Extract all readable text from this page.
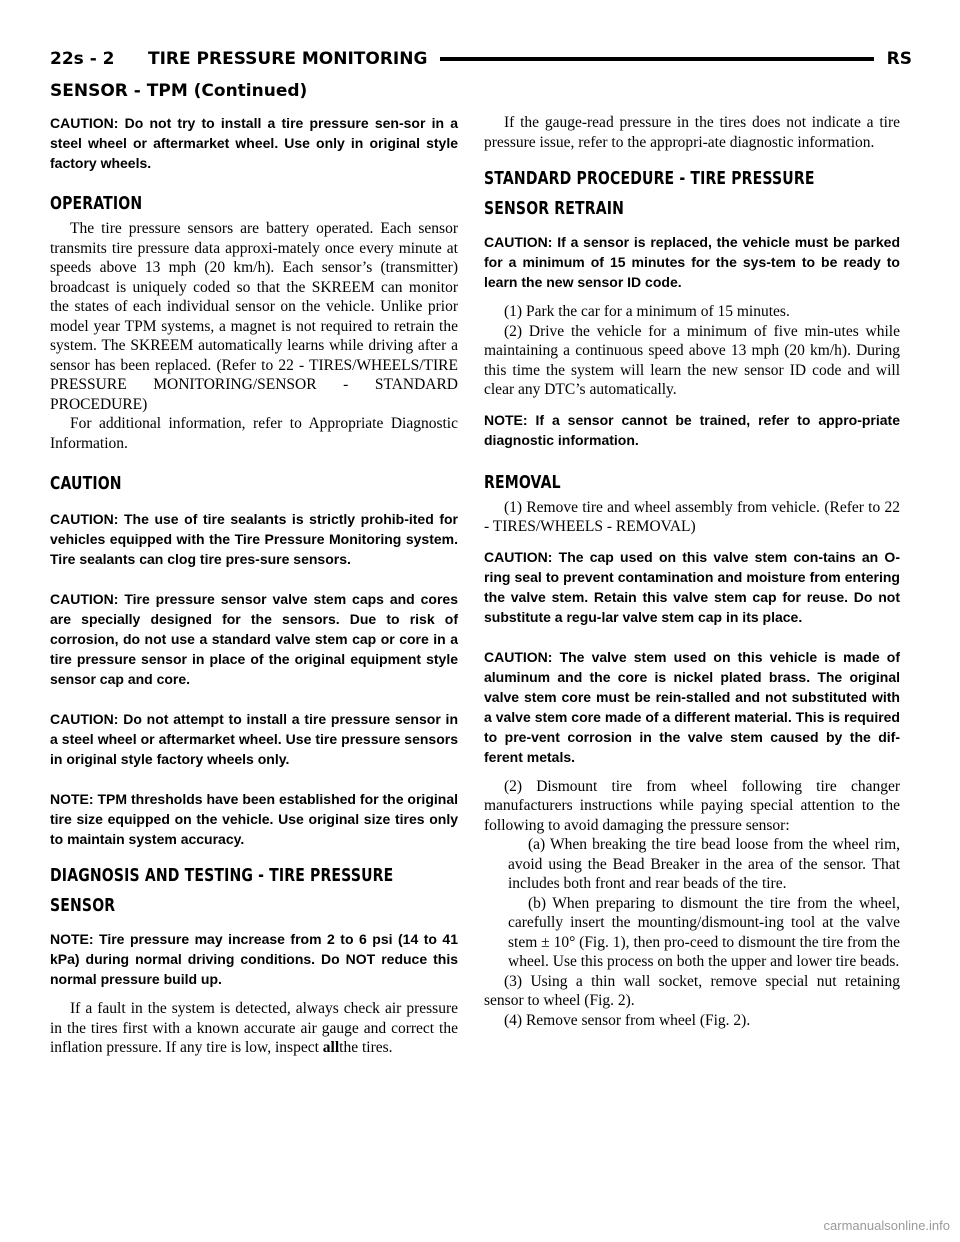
22s - 2 TIRE PRESSURE MONITORING	RS
SENSOR - TPM (Continued)

CAUTION: Do not try to install a tire pressure sen-sor in a steel wheel or aftermarket wheel. Use only in original style factory wheels.

OPERATION

The tire pressure sensors are battery operated. Each sensor transmits tire pressure data approxi-mately once every minute at speeds above 13 mph (20 km/h). Each sensor’s (transmitter) broadcast is uniquely coded so that the SKREEM can monitor the states of each individual sensor on the vehicle. Unlike prior model year TPM systems, a magnet is not required to retrain the system. The SKREEM automatically learns while driving after a sensor has been replaced. (Refer to 22 - TIRES/WHEELS/TIRE PRESSURE MONITORING/SENSOR - STANDARD PROCEDURE)

For additional information, refer to Appropriate Diagnostic Information.

CAUTION

CAUTION: The use of tire sealants is strictly prohib-ited for vehicles equipped with the Tire Pressure Monitoring system. Tire sealants can clog tire pres-sure sensors.

CAUTION: Tire pressure sensor valve stem caps and cores are specially designed for the sensors. Due to risk of corrosion, do not use a standard valve stem cap or core in a tire pressure sensor in place of the original equipment style sensor cap and core.

CAUTION: Do not attempt to install a tire pressure sensor in a steel wheel or aftermarket wheel. Use tire pressure sensors in original style factory wheels only.

NOTE: TPM thresholds have been established for the original tire size equipped on the vehicle. Use original size tires only to maintain system accuracy.

DIAGNOSIS AND TESTING - TIRE PRESSURE

SENSOR

NOTE: Tire pressure may increase from 2 to 6 psi (14 to 41 kPa) during normal driving conditions. Do NOT reduce this normal pressure build up.

If a fault in the system is detected, always check air pressure in the tires first with a known accurate air gauge and correct the inflation pressure. If any tire is low, inspect allthe tires.

If the gauge-read pressure in the tires does not indicate a tire pressure issue, refer to the appropri-ate diagnostic information.

STANDARD PROCEDURE - TIRE PRESSURE

SENSOR RETRAIN

CAUTION: If a sensor is replaced, the vehicle must be parked for a minimum of 15 minutes for the sys-tem to be ready to learn the new sensor ID code.

(1) Park the car for a minimum of 15 minutes.

(2) Drive the vehicle for a minimum of five min-utes while maintaining a continuous speed above 13 mph (20 km/h). During this time the system will learn the new sensor ID code and will clear any DTC’s automatically.

NOTE: If a sensor cannot be trained, refer to appro-priate diagnostic information.

REMOVAL

(1) Remove tire and wheel assembly from vehicle. (Refer to 22 - TIRES/WHEELS - REMOVAL)

CAUTION: The cap used on this valve stem con-tains an O-ring seal to prevent contamination and moisture from entering the valve stem. Retain this valve stem cap for reuse. Do not substitute a regu-lar valve stem cap in its place.

CAUTION: The valve stem used on this vehicle is made of aluminum and the core is nickel plated brass. The original valve stem core must be rein-stalled and not substituted with a valve stem core made of a different material. This is required to pre-vent corrosion in the valve stem caused by the dif-ferent metals.

(2) Dismount tire from wheel following tire changer manufacturers instructions while paying special attention to the following to avoid damaging the pressure sensor:

(a) When breaking the tire bead loose from the wheel rim, avoid using the Bead Breaker in the area of the sensor. That includes both front and rear beads of the tire.

(b) When preparing to dismount the tire from the wheel, carefully insert the mounting/dismount-ing tool at the valve stem ± 10° (Fig. 1), then pro-ceed to dismount the tire from the wheel. Use this process on both the upper and lower tire beads.

(3) Using a thin wall socket, remove special nut retaining sensor to wheel (Fig. 2).

(4) Remove sensor from wheel (Fig. 2).

carmanualsonline.info
